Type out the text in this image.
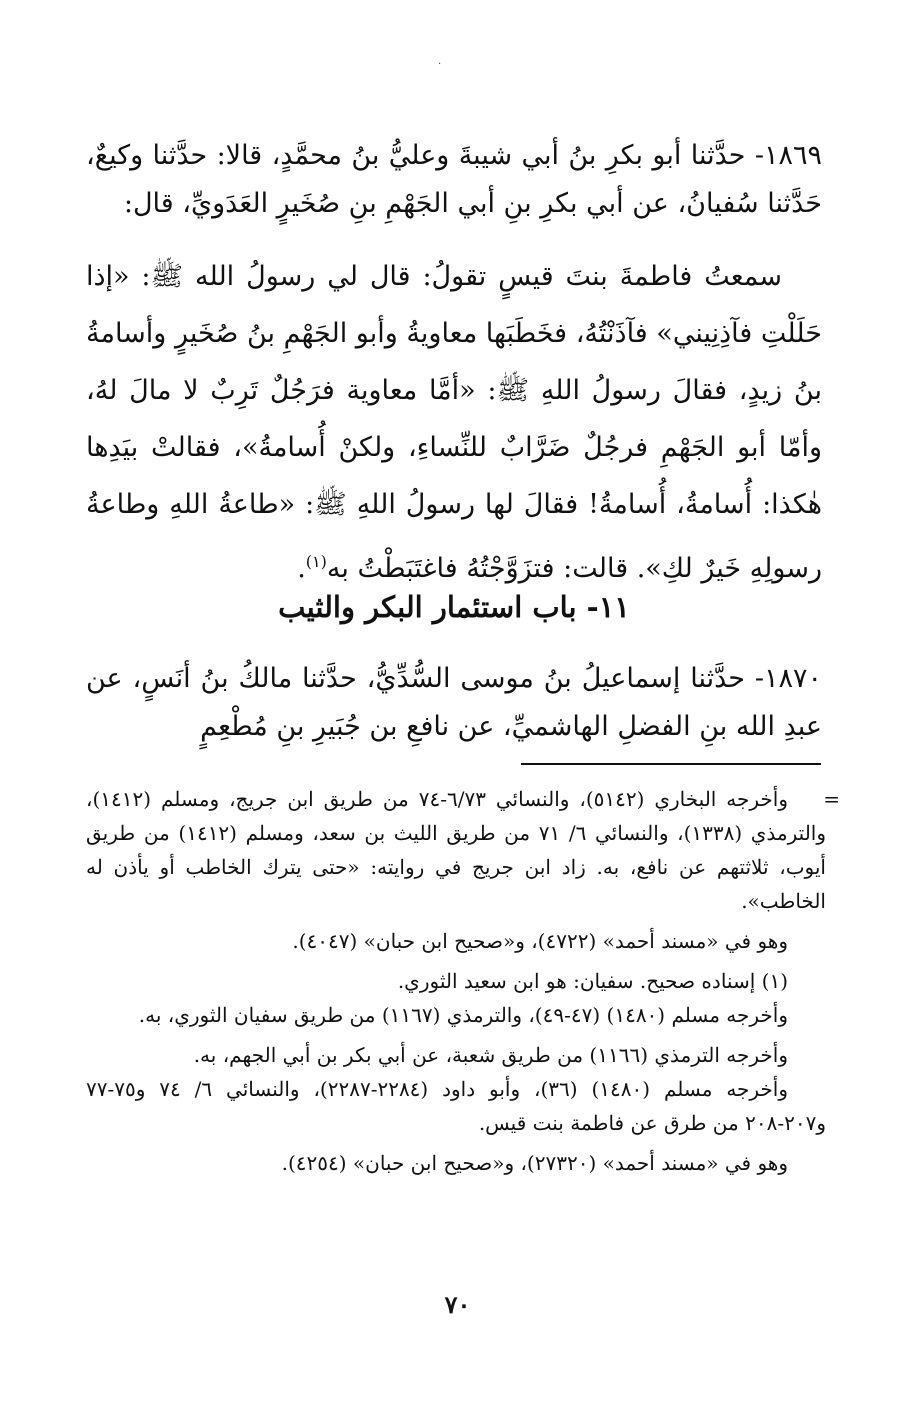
.
١٨٦٩- حدَّثنا أبو بكرِ بنُ أبي شيبةَ وعليُّ بنُ محمَّدٍ، قالا: حدَّثنا وكيعٌ، حَدَّثنا سُفيانُ، عن أبي بكرِ بنِ أبي الجَهْمِ بنِ صُخَيرٍ العَدَويِّ، قال:
سمعتُ فاطمةَ بنتَ قيسٍ تقولُ: قال لي رسولُ الله ﷺ: «إذا حَلَلْتِ فآذِنِيني» فآذَنْتُهُ، فخَطَبَها معاويةُ وأبو الجَهْمِ بنُ صُخَيرٍ وأسامةُ بنُ زيدٍ، فقالَ رسولُ اللهِ ﷺ: «أمَّا معاوية فرَجُلٌ تَرِبٌ لا مالَ لهُ، وأمّا أبو الجَهْمِ فرجُلٌ ضَرَّابٌ للنِّساءِ، ولكنْ أُسامةُ»، فقالتْ بيَدِها هٰكذا: أُسامةُ، أُسامةُ! فقالَ لها رسولُ اللهِ ﷺ: «طاعةُ اللهِ وطاعةُ رسولِهِ خَيرٌ لكِ». قالت: فتزَوَّجْتُهُ فاغتَبَطْتُ به$^{(١)}$.
١١- باب استئمار البكر والثيب
١٨٧٠- حدَّثنا إسماعيلُ بنُ موسى السُّدِّيُّ، حدَّثنا مالكُ بنُ أنَسٍ، عن عبدِ الله بنِ الفضلِ الهاشميِّ، عن نافعِ بن جُبَيرِ بنِ مُطْعِمٍ
=

وأخرجه البخاري (٥١٤٢)، والنسائي ٦/٧٣-٧٤ من طريق ابن جريج، ومسلم (١٤١٢)، والترمذي (١٣٣٨)، والنسائي ٦/ ٧١ من طريق الليث بن سعد، ومسلم (١٤١٢) من طريق أيوب، ثلاثتهم عن نافع، به. زاد ابن جريج في روايته: «حتى يترك الخاطب أو يأذن له الخاطب».

وهو في «مسند أحمد» (٤٧٢٢)، و«صحيح ابن حبان» (٤٠٤٧).

(١) إسناده صحيح. سفيان: هو ابن سعيد الثوري.

وأخرجه مسلم (١٤٨٠) (٤٧-٤٩)، والترمذي (١١٦٧) من طريق سفيان الثوري، به.

وأخرجه الترمذي (١١٦٦) من طريق شعبة، عن أبي بكر بن أبي الجهم، به.

وأخرجه مسلم (١٤٨٠) (٣٦)، وأبو داود (٢٢٨٤-٢٢٨٧)، والنسائي ٦/ ٧٤ و٧٥-٧٧ و٢٠٧-٢٠٨ من طرق عن فاطمة بنت قيس.

وهو في «مسند أحمد» (٢٧٣٢٠)، و«صحيح ابن حبان» (٤٢٥٤).

٧٠
